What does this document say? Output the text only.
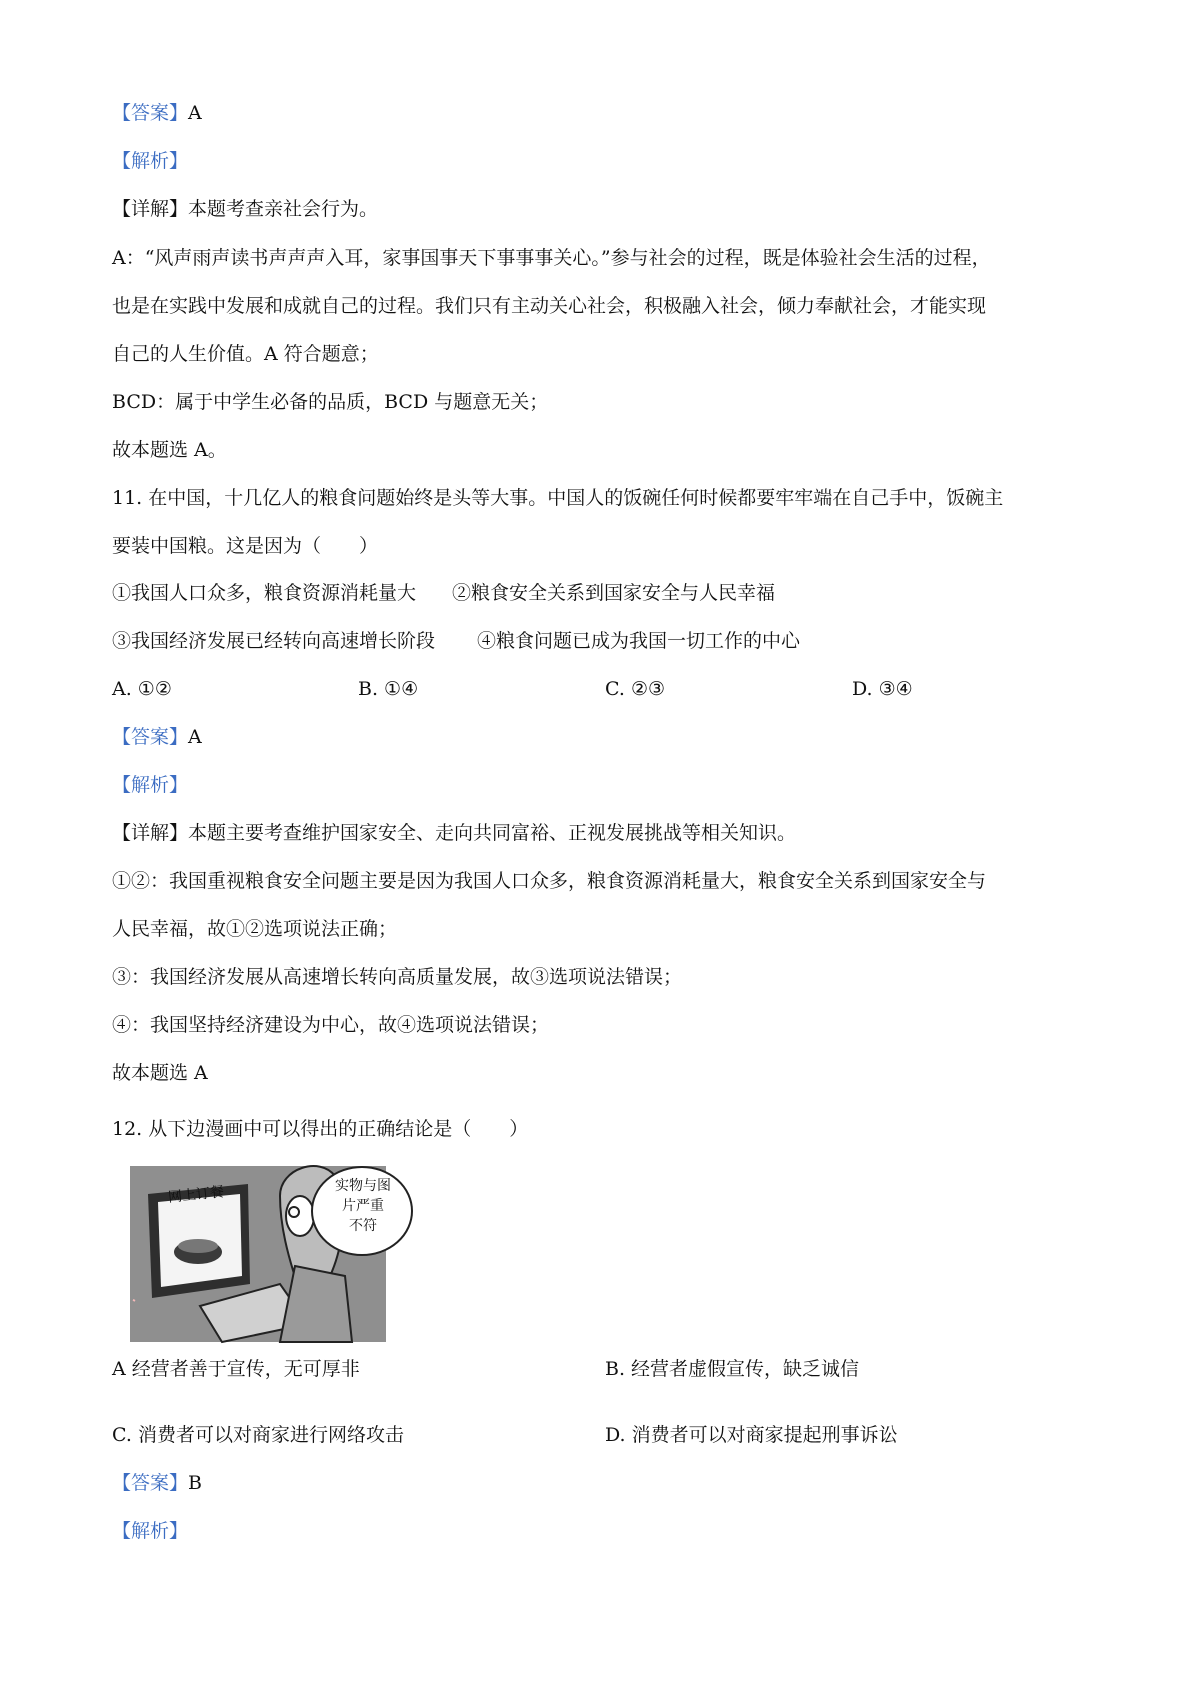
【答案】A
【解析】
【详解】本题考查亲社会行为。
A：“风声雨声读书声声声入耳，家事国事天下事事事关心。”参与社会的过程，既是体验社会生活的过程，
也是在实践中发展和成就自己的过程。我们只有主动关心社会，积极融入社会，倾力奉献社会，才能实现
自己的人生价值。A 符合题意；
BCD：属于中学生必备的品质，BCD 与题意无关；
故本题选 A。
11. 在中国，十几亿人的粮食问题始终是头等大事。中国人的饭碗任何时候都要牢牢端在自己手中，饭碗主
要装中国粮。这是因为（　　）
①我国人口众多，粮食资源消耗量大 ②粮食安全关系到国家安全与人民幸福
③我国经济发展已经转向高速增长阶段 ④粮食问题已成为我国一切工作的中心
A. ①②	B. ①④	C. ②③	D. ③④
【答案】A
【解析】
【详解】本题主要考查维护国家安全、走向共同富裕、正视发展挑战等相关知识。
①②：我国重视粮食安全问题主要是因为我国人口众多，粮食资源消耗量大，粮食安全关系到国家安全与
人民幸福，故①②选项说法正确；
③：我国经济发展从高速增长转向高质量发展，故③选项说法错误；
④：我国坚持经济建设为中心，故④选项说法错误；
故本题选 A
12. 从下边漫画中可以得出的正确结论是（　　）
·
网上订餐	实物与图
片严重
不符
A 经营者善于宣传，无可厚非	B. 经营者虚假宣传，缺乏诚信
C. 消费者可以对商家进行网络攻击	D. 消费者可以对商家提起刑事诉讼
【答案】B
【解析】
